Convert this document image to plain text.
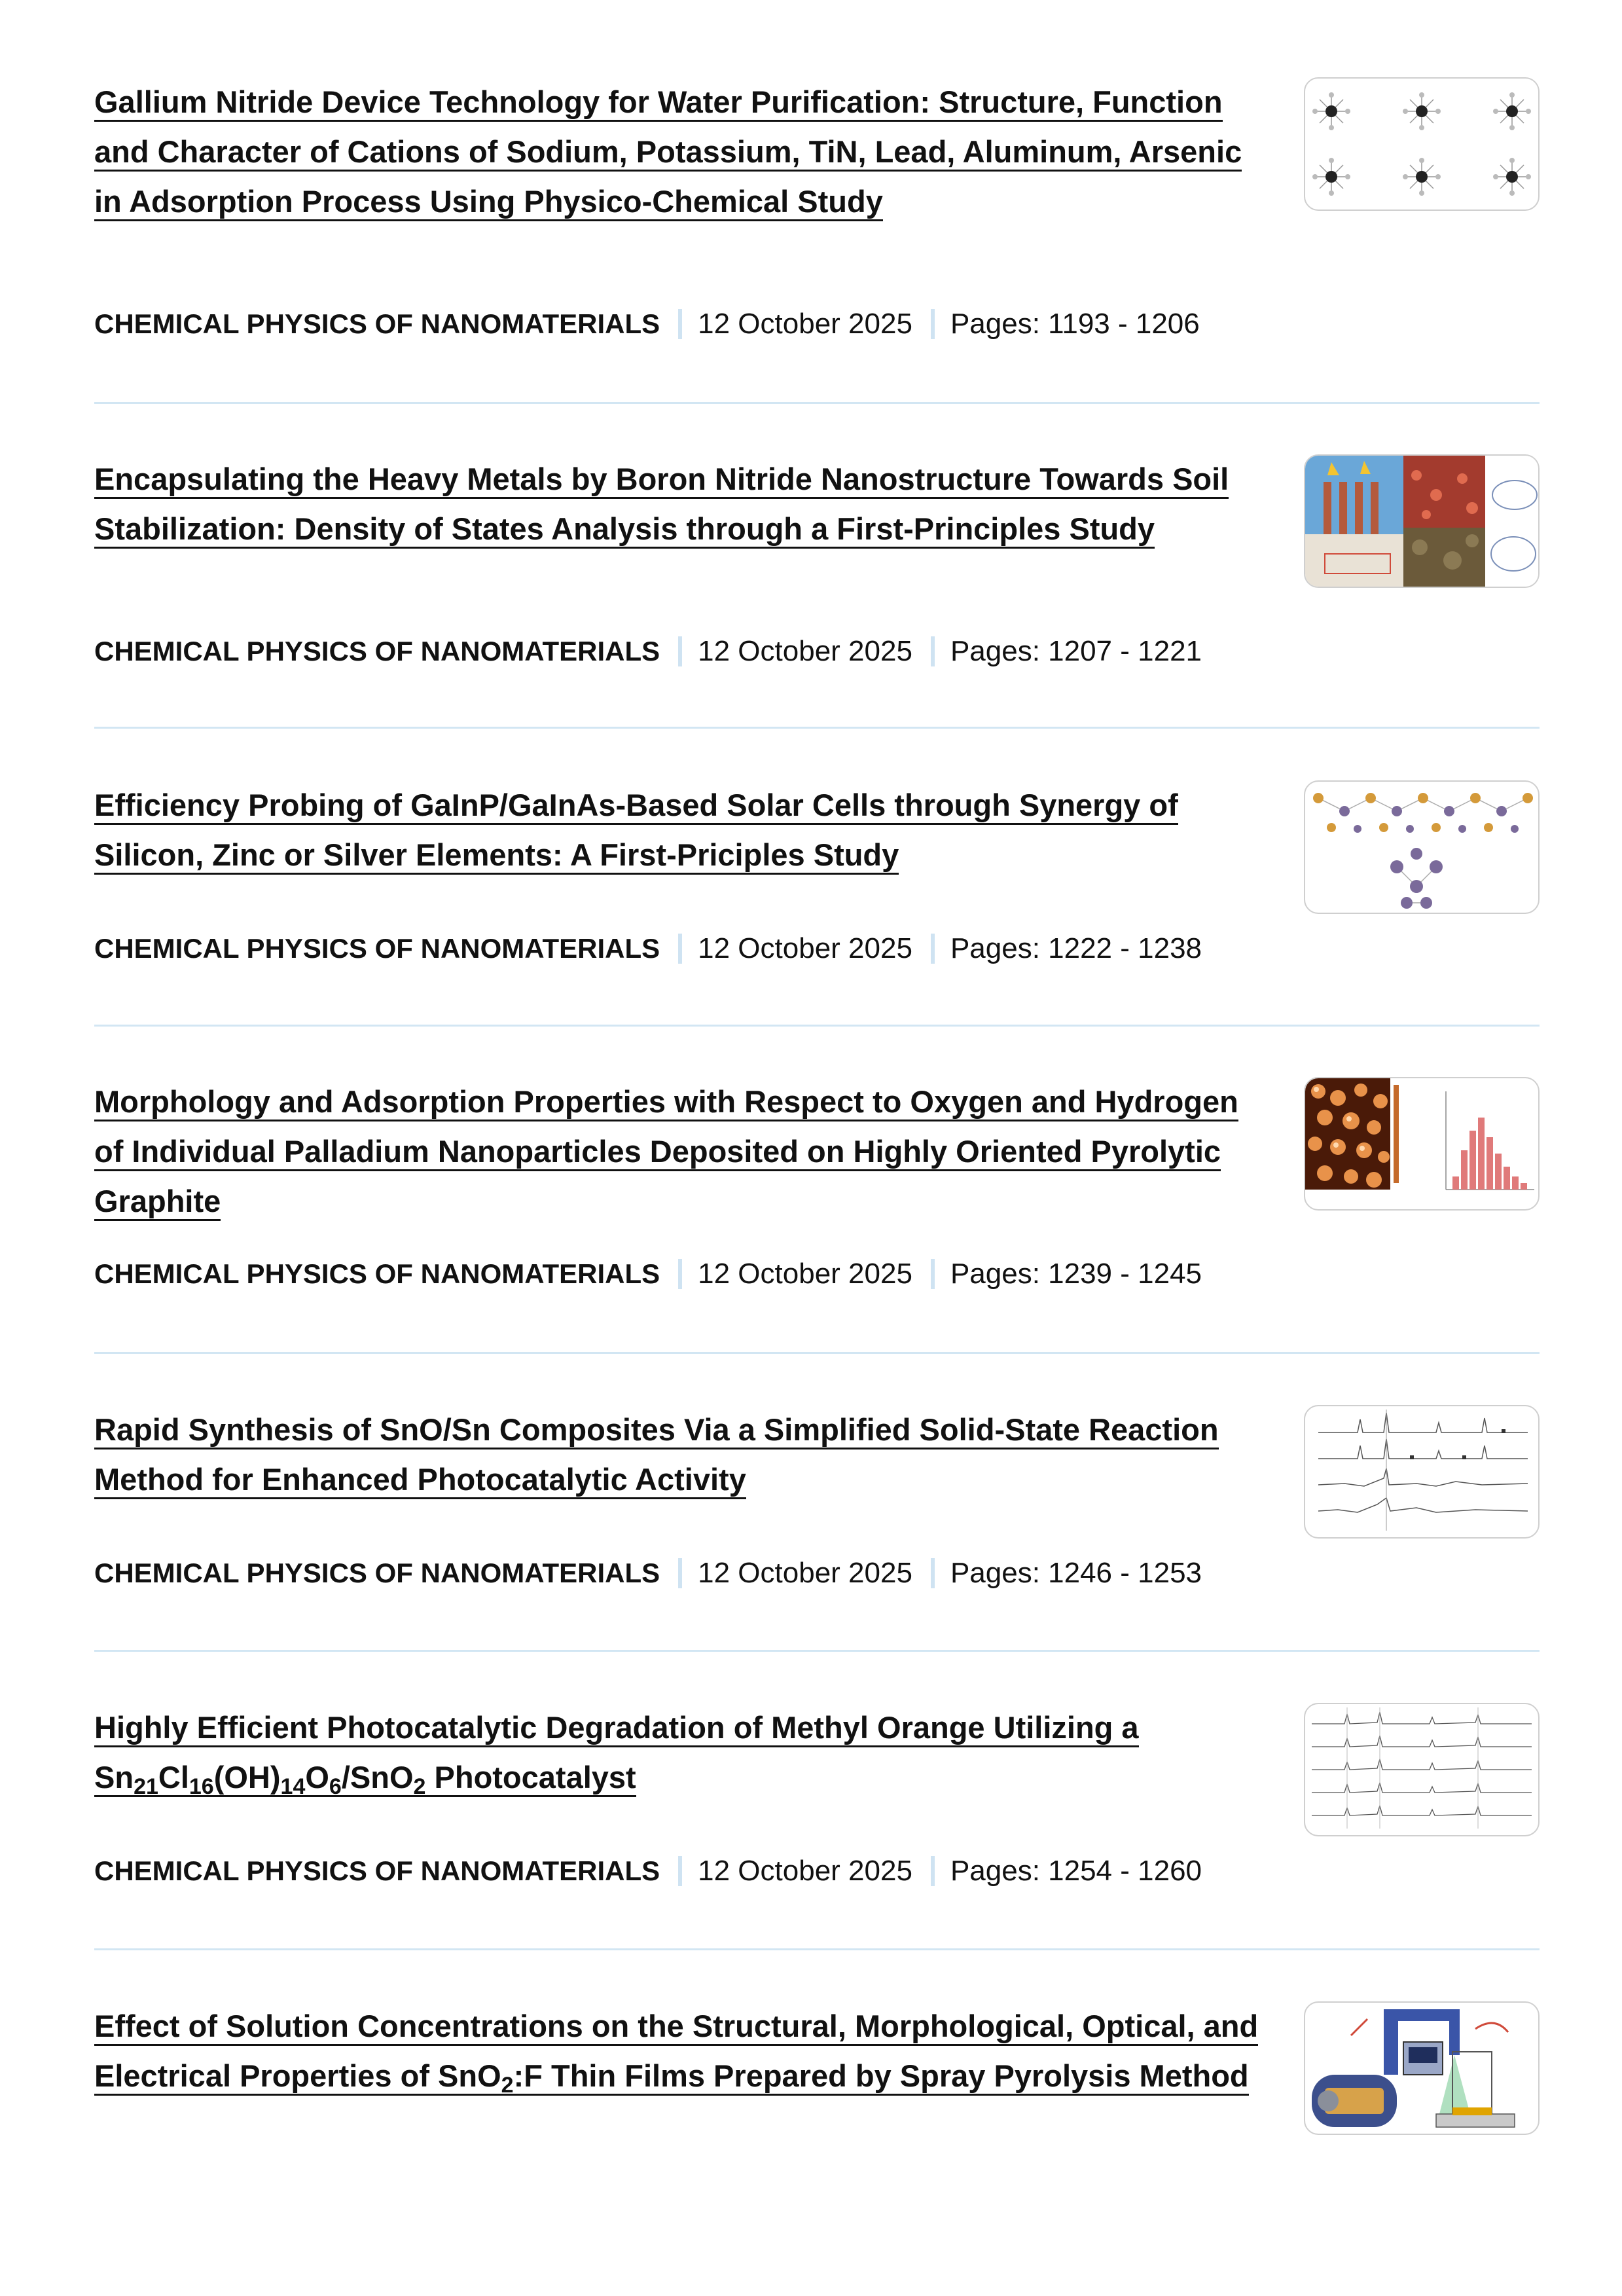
Gallium Nitride Device Technology for Water Purification: Structure, Function and Character of Cations of Sodium, Potassium, TiN, Lead, Aluminum, Arsenic in Adsorption Process Using Physico-Chemical Study
CHEMICAL PHYSICS OF NANOMATERIALS 12 October 2025 Pages: 1193 - 1206
Encapsulating the Heavy Metals by Boron Nitride Nanostructure Towards Soil Stabilization: Density of States Analysis through a First-Principles Study
CHEMICAL PHYSICS OF NANOMATERIALS 12 October 2025 Pages: 1207 - 1221
Efficiency Probing of GaInP/GaInAs-Based Solar Cells through Synergy of Silicon, Zinc or Silver Elements: A First-Priciples Study
CHEMICAL PHYSICS OF NANOMATERIALS 12 October 2025 Pages: 1222 - 1238
Morphology and Adsorption Properties with Respect to Oxygen and Hydrogen of Individual Palladium Nanoparticles Deposited on Highly Oriented Pyrolytic Graphite
CHEMICAL PHYSICS OF NANOMATERIALS 12 October 2025 Pages: 1239 - 1245
Rapid Synthesis of SnO/Sn Composites Via a Simplified Solid-State Reaction Method for Enhanced Photocatalytic Activity
CHEMICAL PHYSICS OF NANOMATERIALS 12 October 2025 Pages: 1246 - 1253
Highly Efficient Photocatalytic Degradation of Methyl Orange Utilizing a $Sn_{21}Cl_{16}(OH)_{14}O_6/SnO_2$ Photocatalyst
CHEMICAL PHYSICS OF NANOMATERIALS 12 October 2025 Pages: 1254 - 1260
Effect of Solution Concentrations on the Structural, Morphological, Optical, and Electrical Properties of SnO$_2$:F Thin Films Prepared by Spray Pyrolysis Method
